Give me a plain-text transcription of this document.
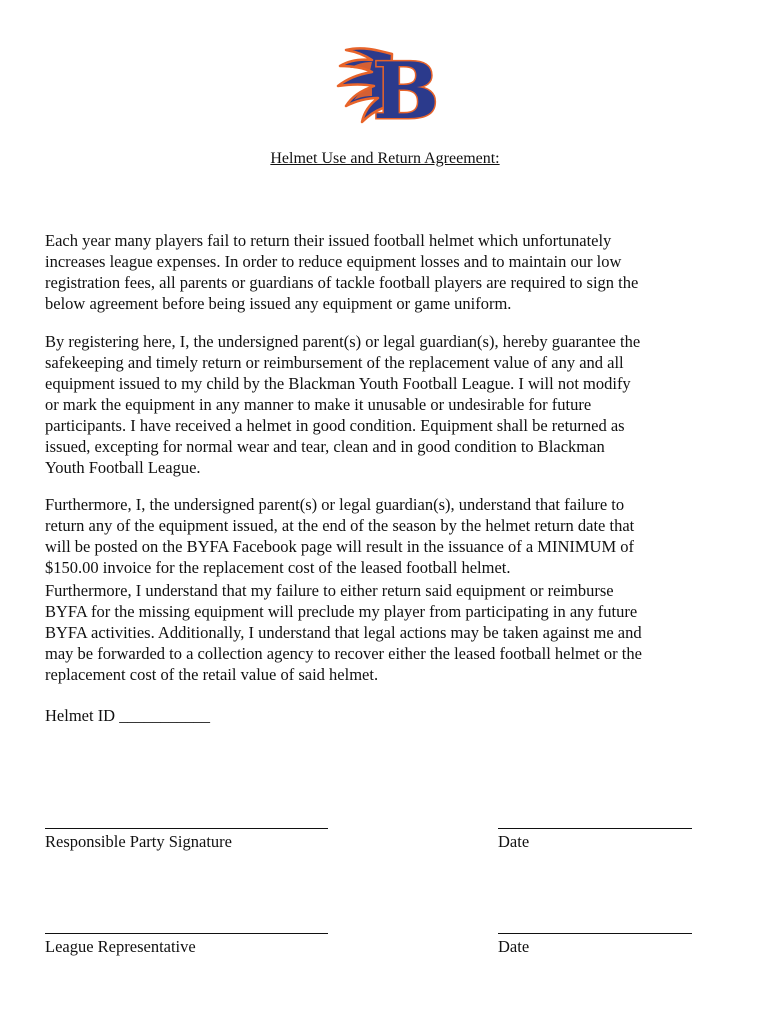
B
Helmet Use and Return Agreement:

Each year many players fail to return their issued football helmet which unfortunately
increases league expenses. In order to reduce equipment losses and to maintain our low
registration fees, all parents or guardians of tackle football players are required to sign the
below agreement before being issued any equipment or game uniform.

By registering here, I, the undersigned parent(s) or legal guardian(s), hereby guarantee the
safekeeping and timely return or reimbursement of the replacement value of any and all
equipment issued to my child by the Blackman Youth Football League. I will not modify
or mark the equipment in any manner to make it unusable or undesirable for future
participants. I have received a helmet in good condition. Equipment shall be returned as
issued, excepting for normal wear and tear, clean and in good condition to Blackman
Youth Football League.

Furthermore, I, the undersigned parent(s) or legal guardian(s), understand that failure to
return any of the equipment issued, at the end of the season by the helmet return date that
will be posted on the BYFA Facebook page will result in the issuance of a MINIMUM of
$150.00 invoice for the replacement cost of the leased football helmet.

Furthermore, I understand that my failure to either return said equipment or reimburse
BYFA for the missing equipment will preclude my player from participating in any future
BYFA activities. Additionally, I understand that legal actions may be taken against me and
may be forwarded to a collection agency to recover either the leased football helmet or the
replacement cost of the retail value of said helmet.

Helmet ID ___________
Responsible Party Signature	Date
League Representative	Date
